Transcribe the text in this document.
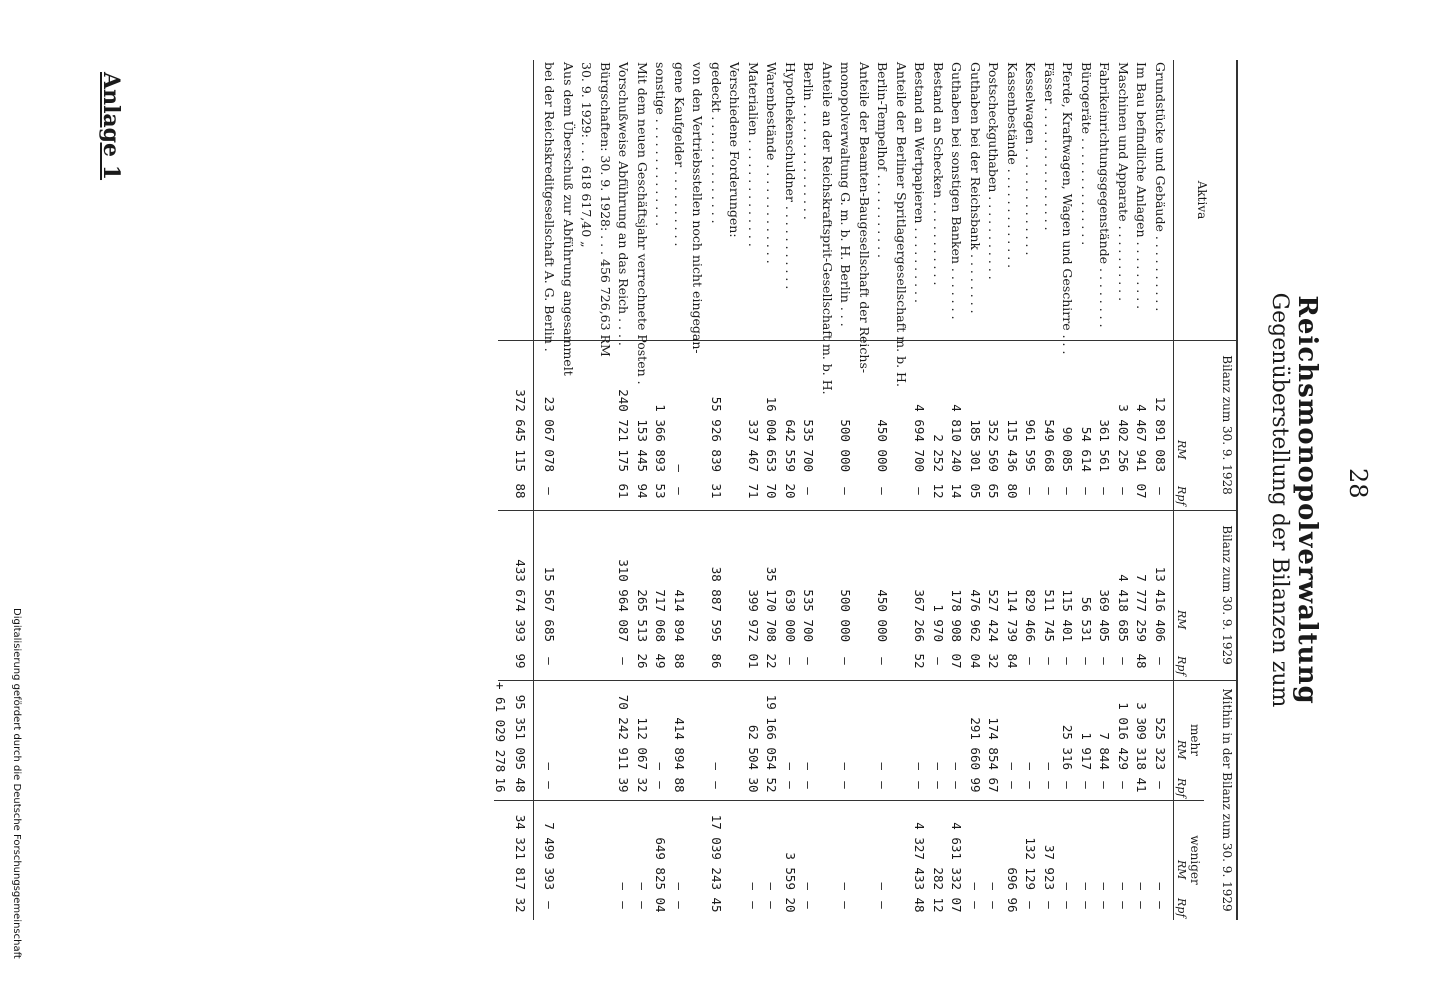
28
Reichsmonopolverwaltung
Gegenüberstellung der Bilanzen zum
Anlage 1
Aktiva
Bilanz zum 30. 9. 1928
Bilanz zum 30. 9. 1929
Mithin in der Bilanz zum 30. 9. 1929
mehr
weniger
RM
Rpf
RM
Rpf
RM
Rpf
RM
Rpf
Grundstücke und Gebäude . . . . . . . . . .
12 891 083
—
13 416 406
—
525 323
—
—
—
Im Bau befindliche Anlagen . . . . . . . . .
4 467 941
07
7 777 259
48
3 309 318
41
—
—
Maschinen und Apparate . . . . . . . . . .
3 402 256
—
4 418 685
—
1 016 429
—
—
—
Fabrikeinrichtungsgegenstände . . . . . . . .
361 561
—
369 405
—
7 844
—
—
—
Bürogeräte . . . . . . . . . . . . . .
54 614
—
56 531
—
1 917
—
—
—
Pferde, Kraftwagen, Wagen und Geschirre . . .
90 085
—
115 401
—
25 316
—
—
—
Fässer . . . . . . . . . . . . . . . .
549 668
—
511 745
—
—
—
37 923
—
Kesselwagen . . . . . . . . . . . . . .
961 595
—
829 466
—
—
—
132 129
—
Kassenbestände . . . . . . . . . . . . .
115 436
80
114 739
84
—
—
696
96
Postscheckguthaben . . . . . . . . . . .
352 569
65
527 424
32
174 854
67
—
—
Guthaben bei der Reichsbank . . . . . . . .
185 301
05
476 962
04
291 660
99
—
—
Guthaben bei sonstigen Banken . . . . . . .
4 810 240
14
178 908
07
—
—
4 631 332
07
Bestand an Schecken . . . . . . . . . . .
2 252
12
1 970
—
—
—
282
12
Bestand an Wertpapieren . . . . . . . . . .
4 694 700
—
367 266
52
—
—
4 327 433
48
Anteile der Berliner Spritlagergesellschaft m. b. H.
Berlin-Tempelhof . . . . . . . . . . .
450 000
—
450 000
—
—
—
—
—
Anteile der Beamten-Baugesellschaft der Reichs-
monopolverwaltung G. m. b. H. Berlin . . .
500 000
—
500 000
—
—
—
—
—
Anteile an der Reichskraftsprit-Gesellschaft m. b. H.
Berlin . . . . . . . . . . . . . . .
535 700
—
535 700
—
—
—
—
—
Hypothekenschuldner . . . . . . . . . . .
642 559
20
639 000
—
—
—
3 559
20
Warenbestände . . . . . . . . . . . . .
16 004 653
70
35 170 708
22
19 166 054
52
—
—
Materialien . . . . . . . . . . . . . .
337 467
71
399 972
01
62 504
30
—
—
Verschiedene Forderungen:
gedeckt . . . . . . . . . . . . . .
55 926 839
31
38 887 595
86
—
—
17 039 243
45
von den Vertriebsstellen noch nicht eingegan-
gene Kaufgelder . . . . . . . . . .
—
—
414 894
88
414 894
88
—
—
sonstige . . . . . . . . . . . . . .
1 366 893
53
717 068
49
—
—
649 825
04
Mit dem neuen Geschäftsjahr verrechnete Posten .
153 445
94
265 513
26
112 067
32
—
—
Vorschußweise Abführung an das Reich . . . .
240 721 175
61
310 964 087
—
70 242 911
39
—
—
Bürgschaften: 30. 9. 1928: . . . 456 726,63 RM
30. 9. 1929: . . . 618 617,40 „
Aus dem Überschuß zur Abführung angesammelt
bei der Reichskreditgesellschaft A. G. Berlin .
23 067 078
—
15 567 685
—
—
—
7 499 393
—
372 645 115
88
433 674 393
99
95 351 095
48
34 321 817
32
+ 61 029 278
16
Digitalisierung gefördert durch die Deutsche Forschungsgemeinschaft
